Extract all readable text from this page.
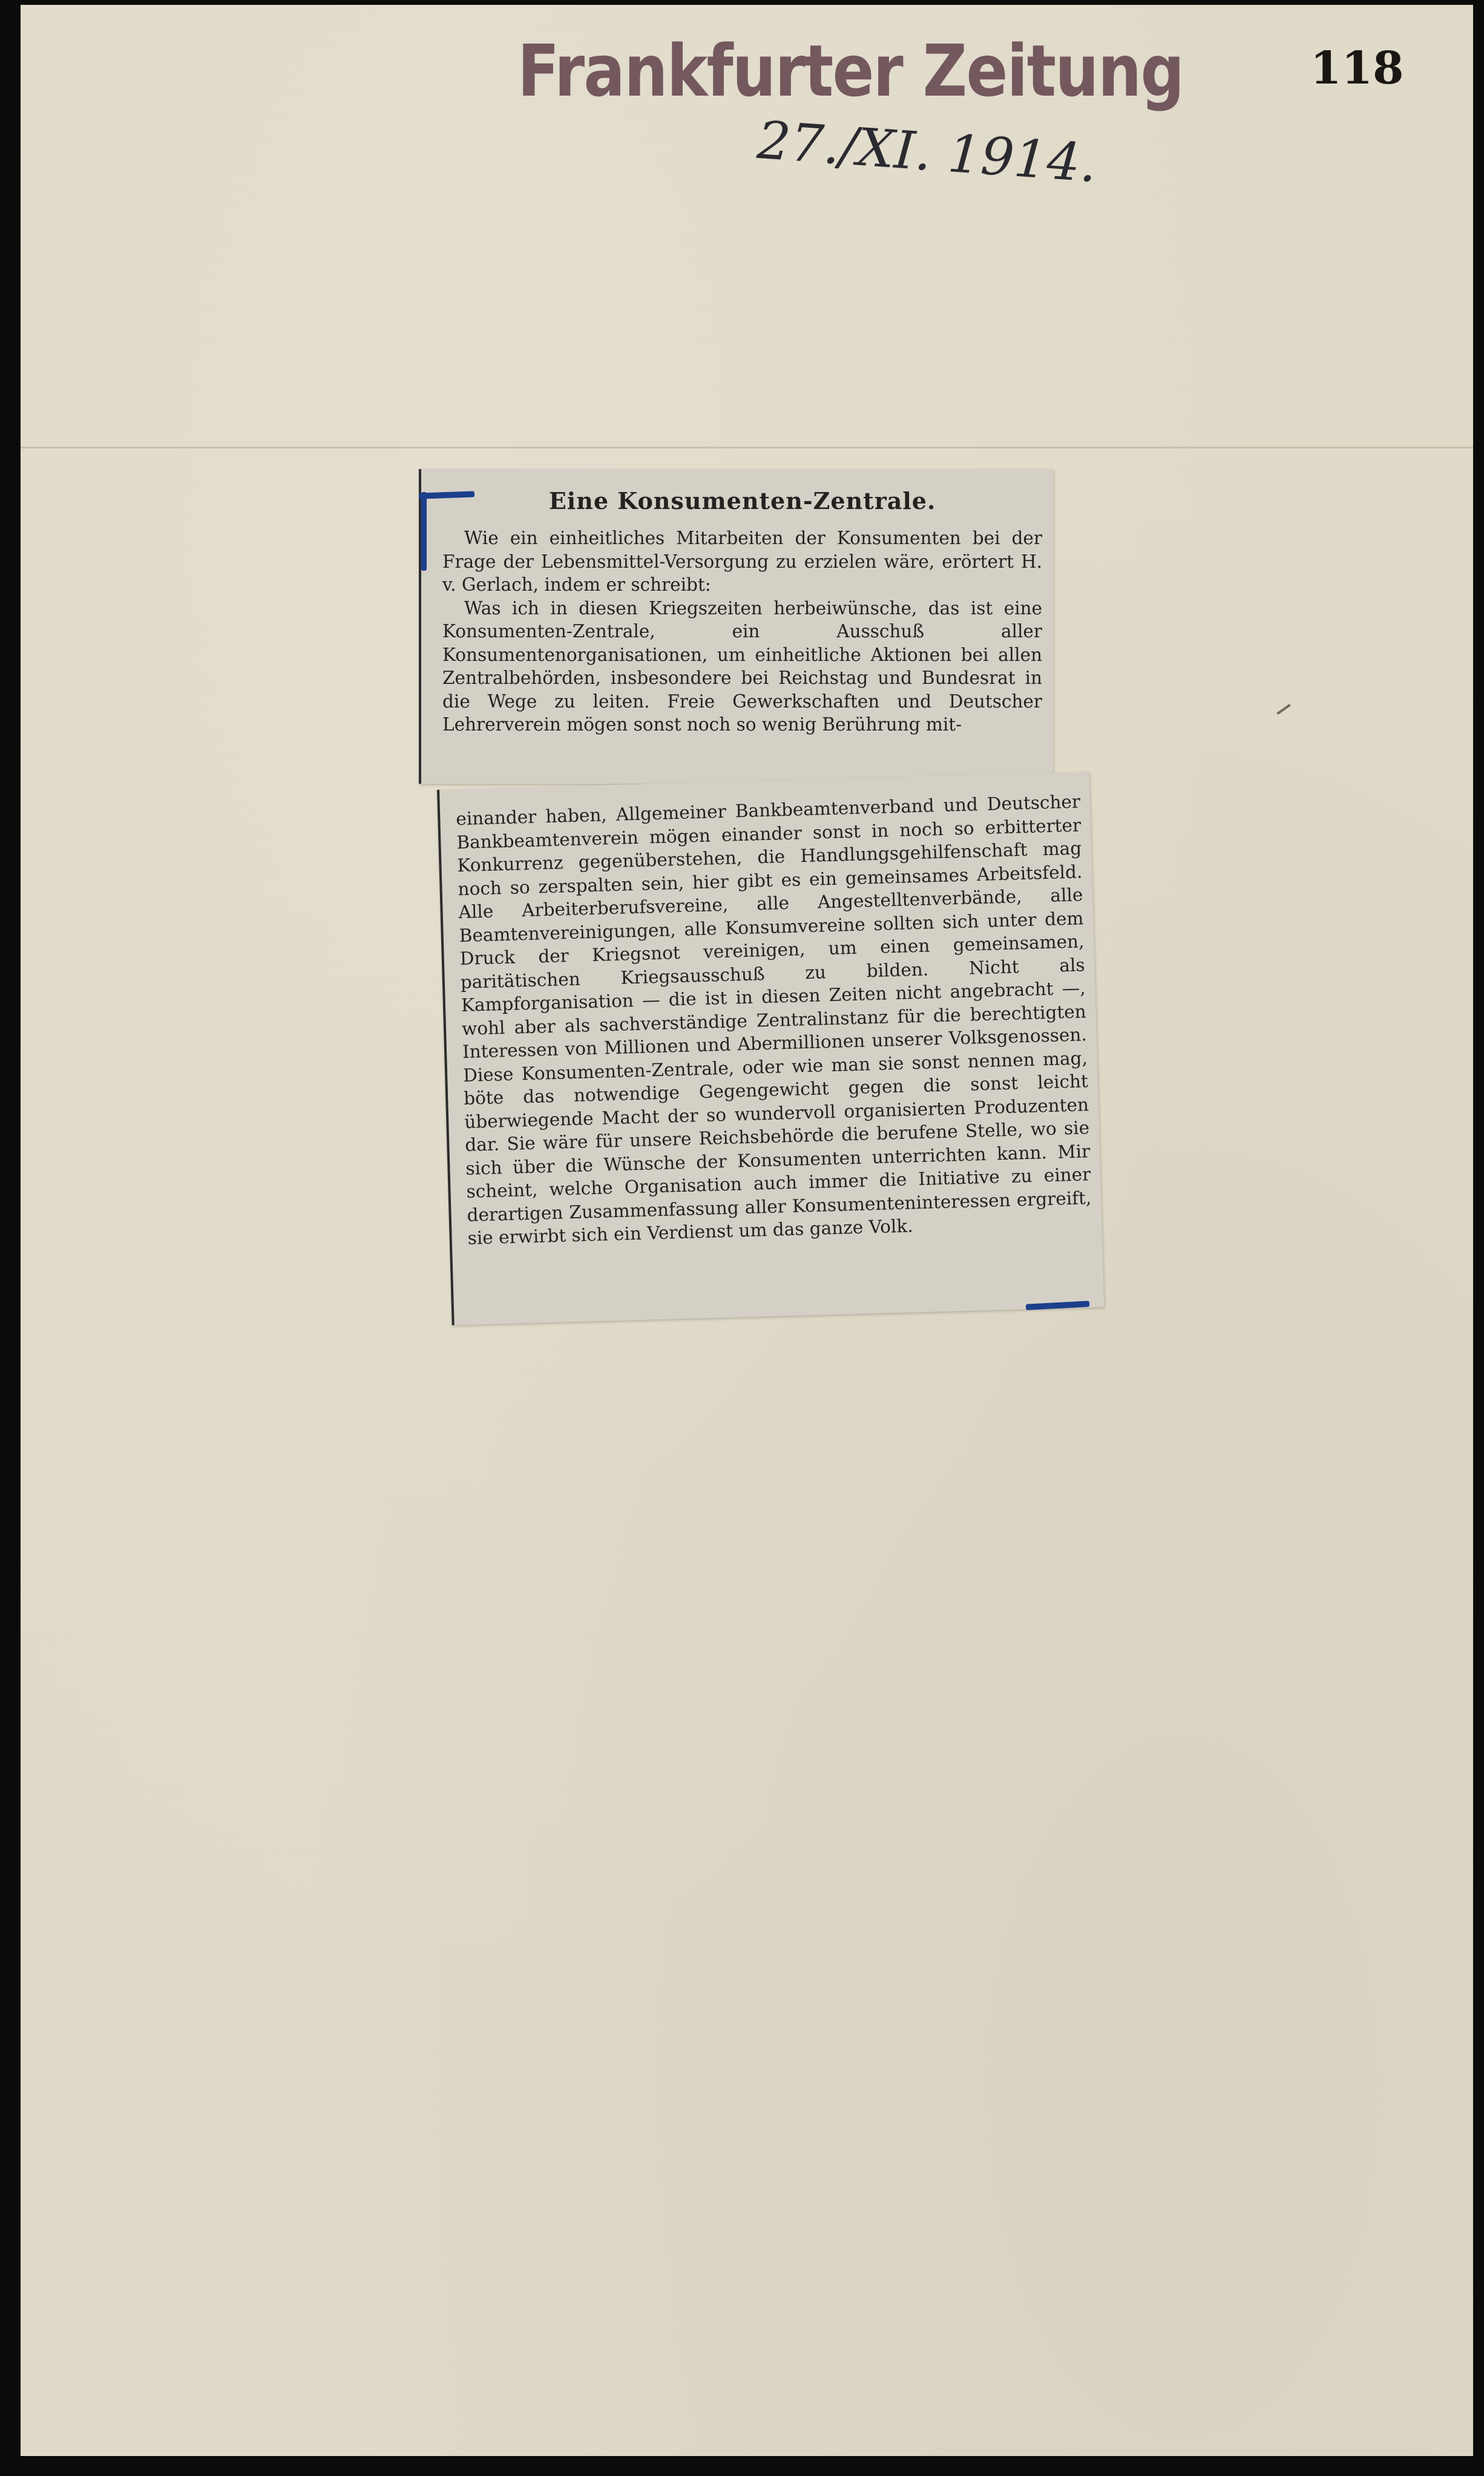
Frankfurter Zeitung	118
27./XI. 1914.
Eine Konsumenten-Zentrale.

Wie ein einheitliches Mitarbeiten der Konsumenten bei der Frage der Lebensmittel-Versorgung zu erzielen wäre, erörtert H. v. Gerlach, indem er schreibt:

Was ich in diesen Kriegszeiten herbeiwünsche, das ist eine Konsumenten-Zentrale, ein Ausschuß aller Konsumentenorganisationen, um einheitliche Aktionen bei allen Zentralbehörden, insbesondere bei Reichstag und Bundesrat in die Wege zu leiten. Freie Gewerkschaften und Deutscher Lehrerverein mögen sonst noch so wenig Berührung mit-

einander haben, Allgemeiner Bankbeamtenverband und Deutscher Bankbeamtenverein mögen einander sonst in noch so erbitterter Konkurrenz gegenüberstehen, die Handlungsgehilfenschaft mag noch so zerspalten sein, hier gibt es ein gemeinsames Arbeitsfeld. Alle Arbeiterberufsvereine, alle Angestelltenverbände, alle Beamtenvereinigungen, alle Konsumvereine sollten sich unter dem Druck der Kriegsnot vereinigen, um einen gemeinsamen, paritätischen Kriegsausschuß zu bilden. Nicht als Kampforganisation — die ist in diesen Zeiten nicht angebracht —, wohl aber als sachverständige Zentralinstanz für die berechtigten Interessen von Millionen und Abermillionen unserer Volksgenossen. Diese Konsumenten-Zentrale, oder wie man sie sonst nennen mag, böte das notwendige Gegengewicht gegen die sonst leicht überwiegende Macht der so wundervoll organisierten Produzenten dar. Sie wäre für unsere Reichsbehörde die berufene Stelle, wo sie sich über die Wünsche der Konsumenten unterrichten kann. Mir scheint, welche Organisation auch immer die Initiative zu einer derartigen Zusammenfassung aller Konsumenteninteressen ergreift, sie erwirbt sich ein Verdienst um das ganze Volk.
